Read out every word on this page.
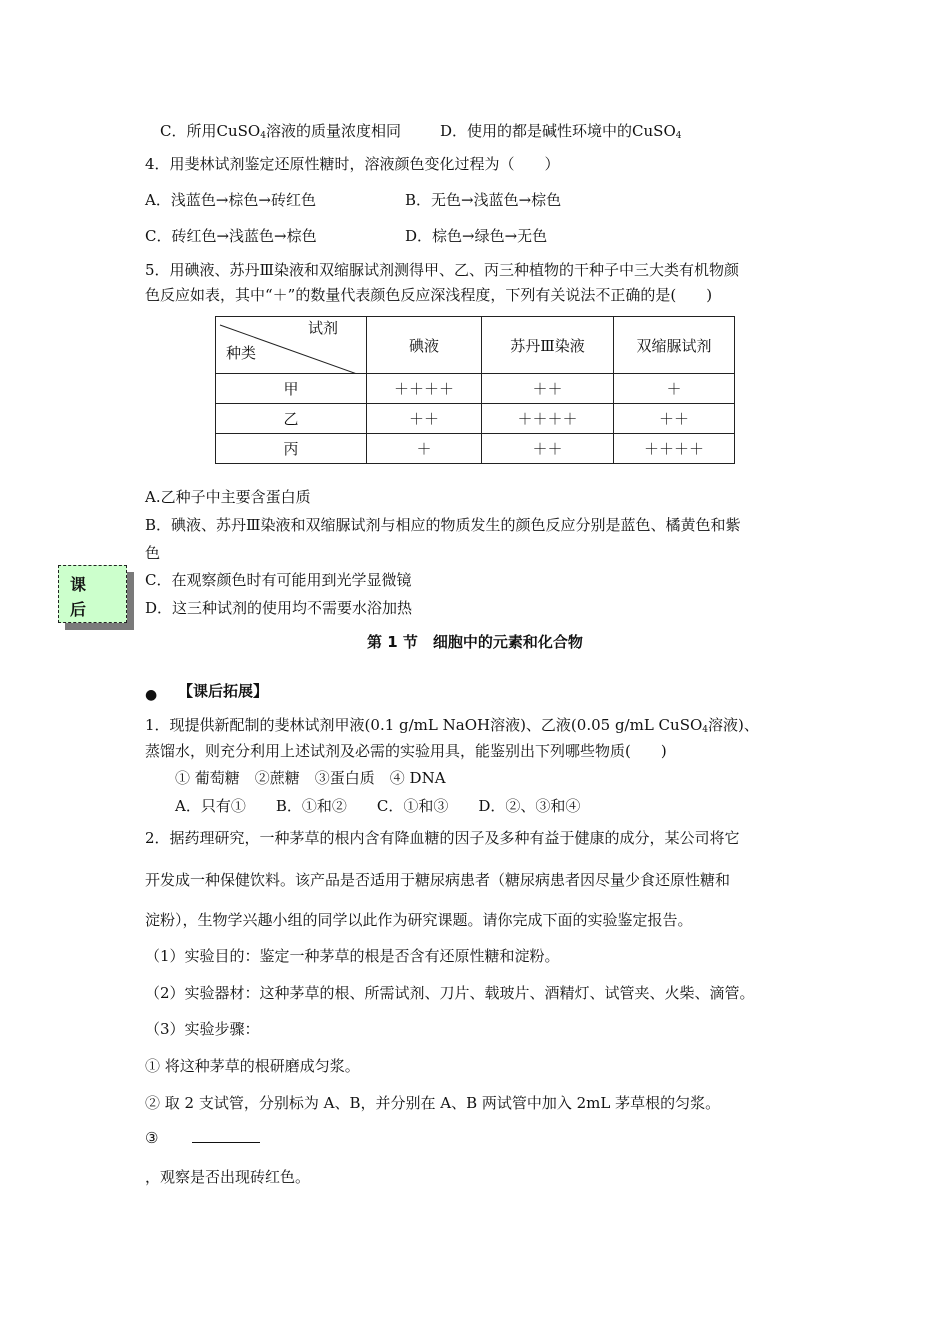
C．所用CuSO$_4$溶液的质量浓度相同	D．使用的都是碱性环境中的CuSO$_4$
4．用斐林试剂鉴定还原性糖时，溶液颜色变化过程为（　　）
A．浅蓝色→棕色→砖红色	B．无色→浅蓝色→棕色
C．砖红色→浅蓝色→棕色	D．棕色→绿色→无色
5．用碘液、苏丹Ⅲ染液和双缩脲试剂测得甲、乙、丙三种植物的干种子中三大类有机物颜
色反应如表，其中“＋”的数量代表颜色反应深浅程度，下列有关说法不正确的是(　　)
试剂
种类	碘液	苏丹Ⅲ染液	双缩脲试剂
甲	＋＋＋＋	＋＋	＋
乙	＋＋	＋＋＋＋	＋＋
丙	＋	＋＋	＋＋＋＋
A.乙种子中主要含蛋白质
B．碘液、苏丹Ⅲ染液和双缩脲试剂与相应的物质发生的颜色反应分别是蓝色、橘黄色和紫
色
C．在观察颜色时有可能用到光学显微镜
D．这三种试剂的使用均不需要水浴加热
课
后
第 1 节　细胞中的元素和化合物
● 【课后拓展】
1．现提供新配制的斐林试剂甲液(0.1 g/mL NaOH溶液)、乙液(0.05 g/mL CuSO$_4$溶液)、
蒸馏水，则充分利用上述试剂及必需的实验用具，能鉴别出下列哪些物质(　　)
① 葡萄糖　②蔗糖　③蛋白质　④ DNA
A．只有①　　B．①和②　　C．①和③　　D．②、③和④
2．据药理研究，一种茅草的根内含有降血糖的因子及多种有益于健康的成分，某公司将它
开发成一种保健饮料。该产品是否适用于糖尿病患者（糖尿病患者因尽量少食还原性糖和
淀粉），生物学兴趣小组的同学以此作为研究课题。请你完成下面的实验鉴定报告。
（1）实验目的：鉴定一种茅草的根是否含有还原性糖和淀粉。
（2）实验器材：这种茅草的根、所需试剂、刀片、载玻片、酒精灯、试管夹、火柴、滴管。
（3）实验步骤：
① 将这种茅草的根研磨成匀浆。
② 取 2 支试管，分别标为 A、B，并分别在 A、B 两试管中加入 2mL 茅草根的匀浆。
③
，观察是否出现砖红色。
